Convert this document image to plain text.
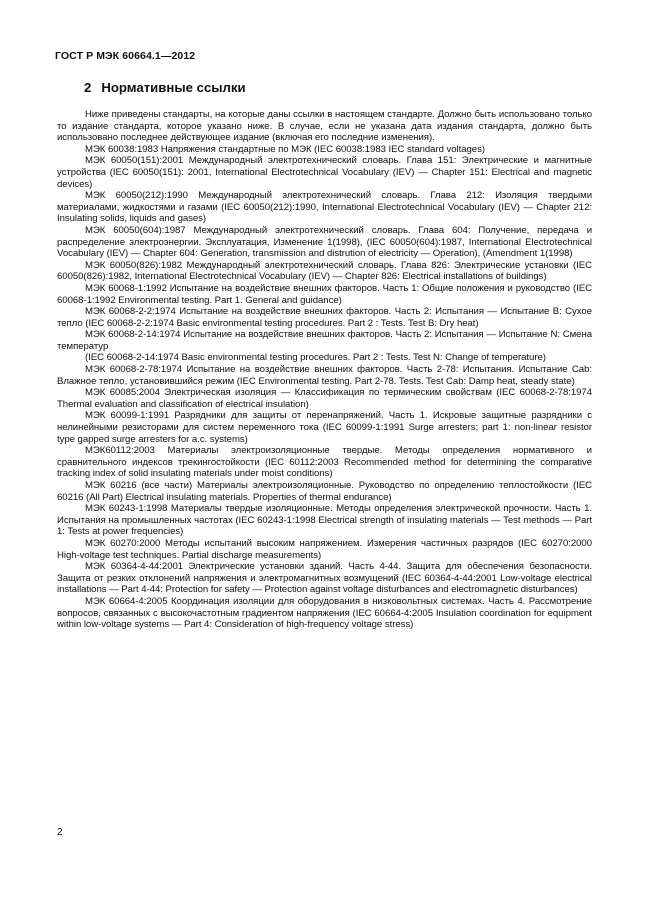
ГОСТ Р МЭК 60664.1—2012
2 Нормативные ссылки

Ниже приведены стандарты, на которые даны ссылки в настоящем стандарте. Должно быть использовано только то издание стандарта, которое указано ниже. В случае, если не указана дата издания стандарта, должно быть использовано последнее действующее издание (включая его последние изменения).

МЭК 60038:1983 Напряжения стандартные по МЭК (IEC 60038:1983 IEC standard voltages)

МЭК 60050(151):2001 Международный электротехнический словарь. Глава 151: Электрические и магнитные устройства (IEC 60050(151): 2001, International Electrotechnical Vocabulary (IEV) — Chapter 151: Electrical and magnetic devices)

МЭК 60050(212):1990 Международный электротехнический словарь. Глава 212: Изоляция твердыми материалами, жидкостями и газами (IEC 60050(212):1990, International Electrotechnical Vocabulary (IEV) — Chapter 212: Insulating solids, liquids and gases)

МЭК 60050(604):1987 Международный электротехнический словарь. Глава 604: Получение, передача и распределение электроэнергии. Эксплуатация, Изменение 1(1998), (IEC 60050(604):1987, International Electrotechnical Vocabulary (IEV) — Chapter 604: Generation, transmission and distrution of electricity — Operation), (Amendment 1(1998)

МЭК 60050(826):1982 Международный электротехнический словарь. Глава 826: Электрические установки (IEC 60050(826):1982, International Electrotechnical Vocabulary (IEV) — Chapter 826: Electrical installations of buildings)

МЭК 60068-1:1992 Испытание на воздействие внешних факторов. Часть 1: Общие положения и руководство (IEC 60068-1:1992 Environmental testing. Part 1. General and guidance)

МЭК 60068-2-2:1974 Испытание на воздействие внешних факторов. Часть 2: Испытания — Испытание В: Сухое тепло (IEC 60068-2-2:1974 Basic environmental testing procedures. Part 2 : Tests. Test B: Dry heat)

МЭК 60068-2-14:1974 Испытание на воздействие внешних факторов. Часть 2: Испытания — Испытание N: Смена температур

(IEC 60068-2-14:1974 Basic environmental testing procedures. Part 2 : Tests. Test N: Change of temperature)

МЭК 60068-2-78:1974 Испытание на воздействие внешних факторов. Часть 2-78: Испытания. Испытание Cab: Влажное тепло, установившийся режим (IEC Environmental testing. Part 2-78. Tests. Test Cab: Damp heat, steady state)

МЭК 60085:2004 Электрическая изоляция — Классификация по термическим свойствам (IEC 60068-2-78:1974 Thermal evaluation and classification of electrical insulation)

МЭК 60099-1:1991 Разрядники для защиты от перенапряжений. Часть 1. Искровые защитные разрядники с нелинейными резисторами для систем переменного тока (IEC 60099-1:1991 Surge arresters; part 1: non-linear resistor type gapped surge arresters for a.c. systems)

МЭК60112:2003 Материалы электроизоляционные твердые. Методы определения нормативного и сравнительного индексов трекингостойкости (IEC 60112:2003 Recommended method for determining the comparative tracking index of solid insulating materials under moist conditions)

МЭК 60216 (все части) Материалы электроизоляционные. Руководство по определению теплостойкости (IEC 60216 (All Part) Electrical insulating materials. Properties of thermal endurance)

МЭК 60243-1:1998 Материалы твердые изоляционные. Методы определения электрической прочности. Часть 1. Испытания на промышленных частотах (IEC 60243-1:1998 Electrical strength of insulating materials — Test methods — Part 1: Tests at power frequencies)

МЭК 60270:2000 Методы испытаний высоким напряжением. Измерения частичных разрядов (IEC 60270:2000 High-voltage test techniques. Partial discharge measurements)

МЭК 60364-4-44:2001 Электрические установки зданий. Часть 4-44. Защита для обеспечения безопасности. Защита от резких отклонений напряжения и электромагнитных возмущений (IEC 60364-4-44:2001 Low-voltage electrical installations — Part 4-44: Protection for safety — Protection against voltage disturbances and electromagnetic disturbances)

МЭК 60664-4:2005 Координация изоляции для оборудования в низковольтных системах. Часть 4. Рассмотрение вопросов, связанных с высокочастотным градиентом напряжения (IEC 60664-4:2005 Insulation coordination for equipment within low-voltage systems — Part 4: Consideration of high-frequency voltage stress)

2
